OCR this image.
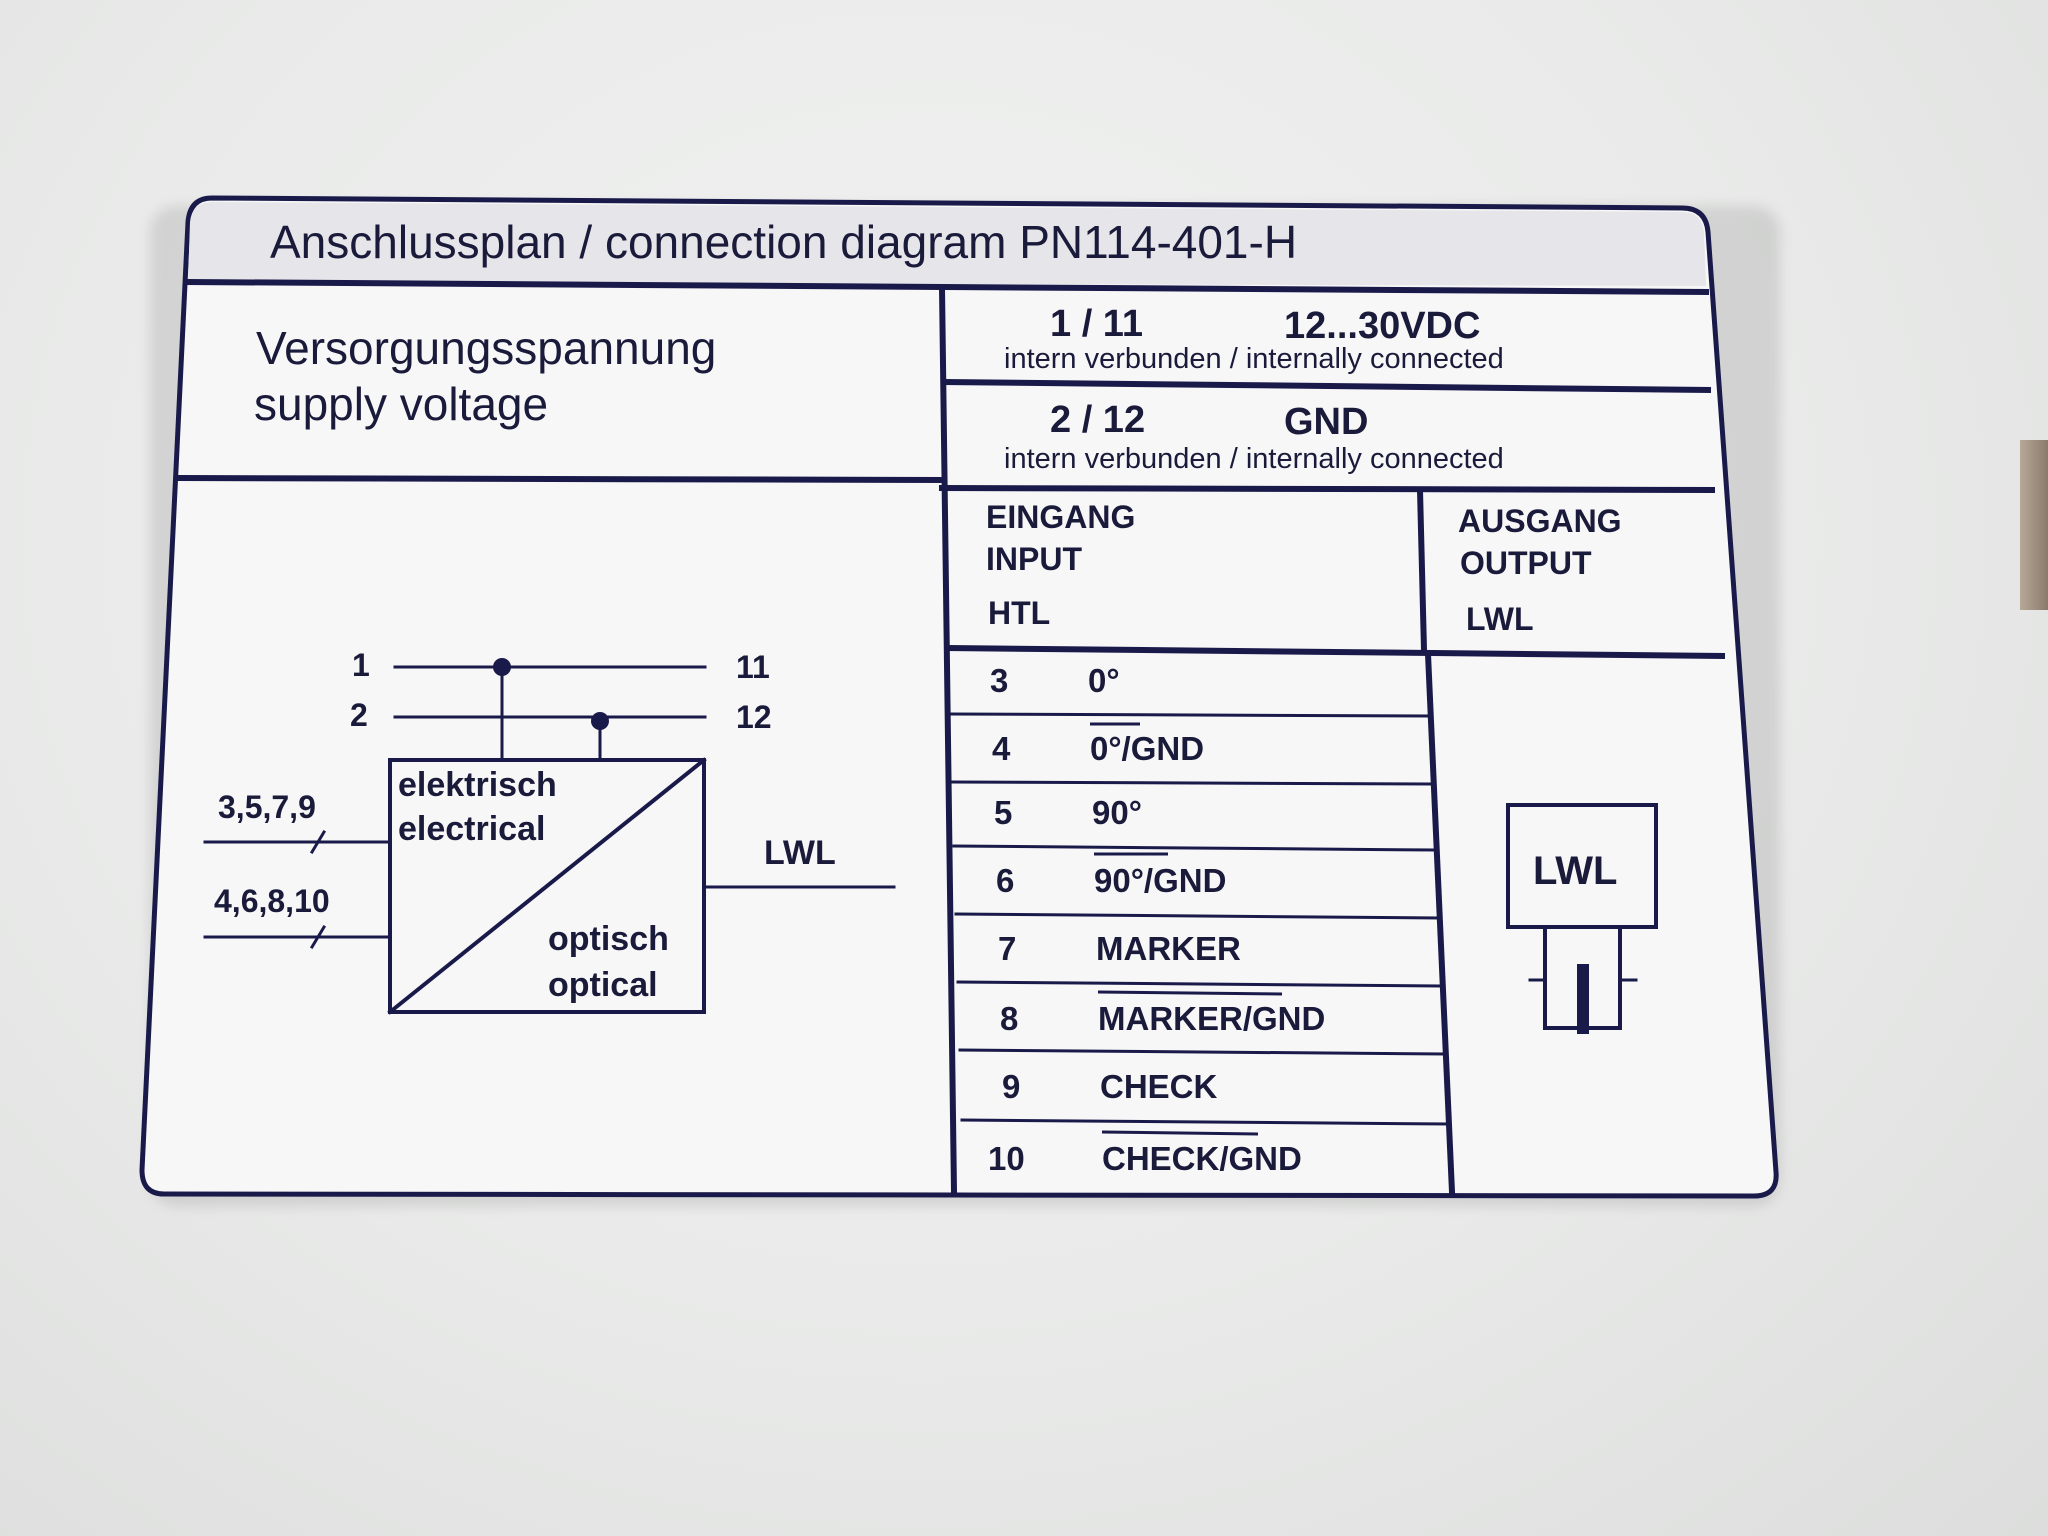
Anschlussplan / connection diagram PN114-401-H
Versorgungsspannung
supply voltage
1 / 11	12...30VDC
intern verbunden / internally connected
2 / 12	GND
intern verbunden / internally connected
1
2
11
12
3,5,7,9
4,6,8,10
elektrisch
electrical
optisch
optical
LWL
EINGANG
INPUT
HTL
AUSGANG
OUTPUT
LWL
LWL
3 0°
4 0°/GND
5 90°
6 90°/GND
7 MARKER
8 MARKER/GND
9 CHECK
10 CHECK/GND
